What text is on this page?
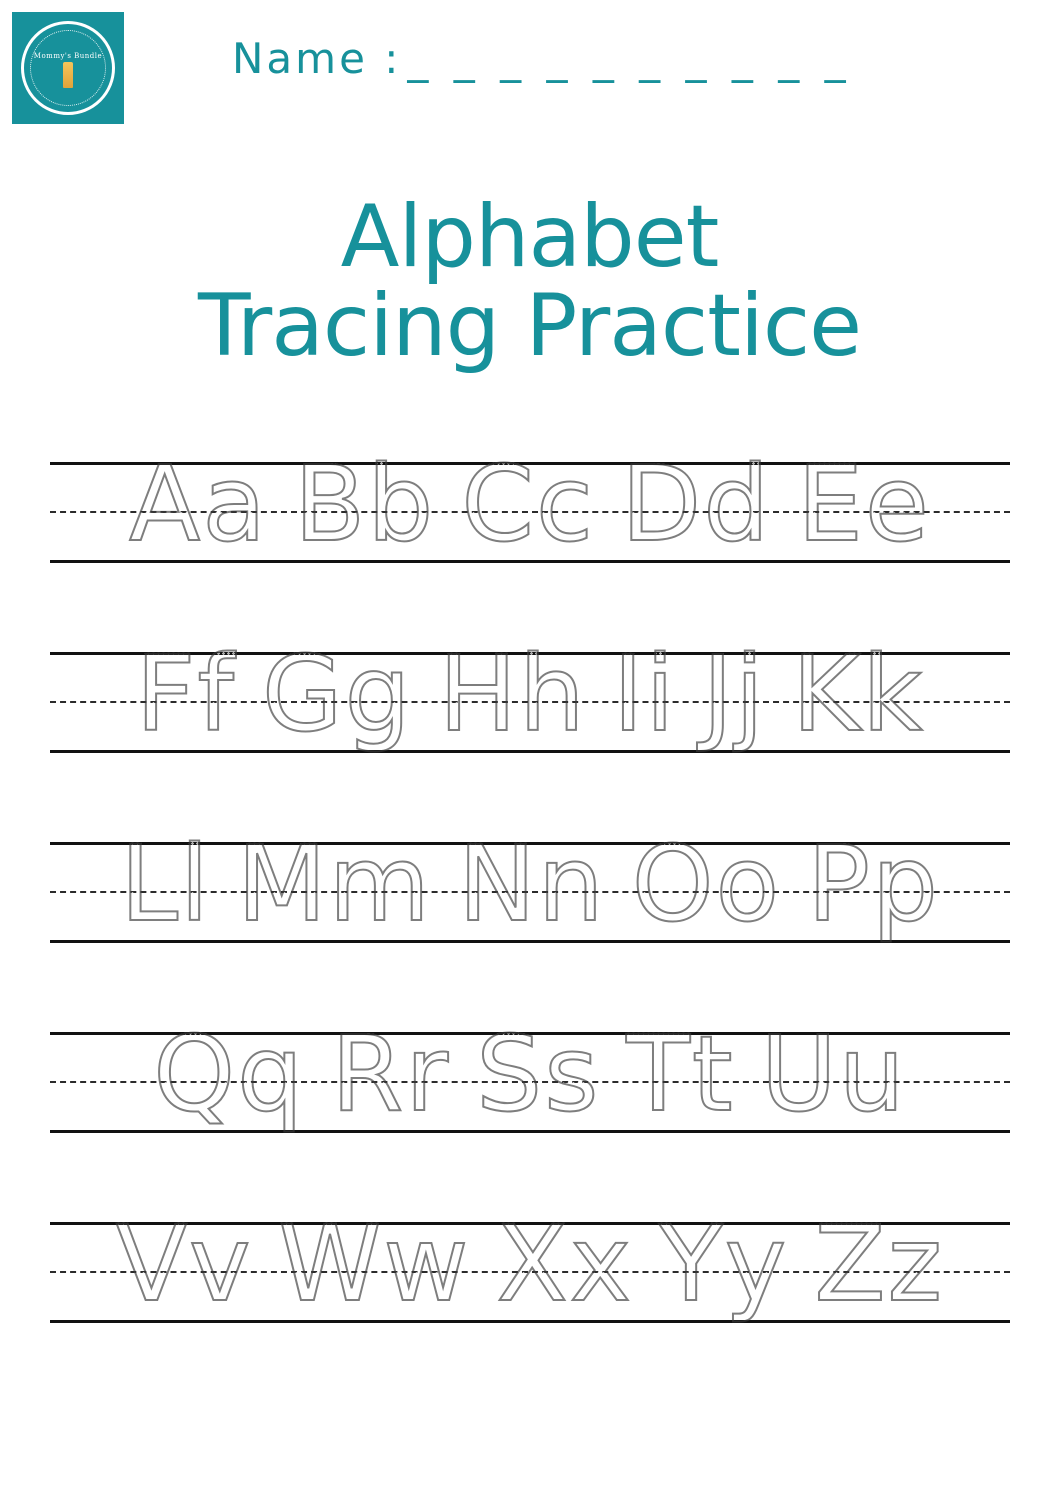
Mommy's Bundle	Name : _ _ _ _ _ _ _ _ _ _
Alphabet
Tracing Practice
Aa Bb Cc Dd Ee
Ff Gg Hh Ii Jj Kk
Ll Mm Nn Oo Pp
Qq Rr Ss Tt Uu
Vv Ww Xx Yy Zz
